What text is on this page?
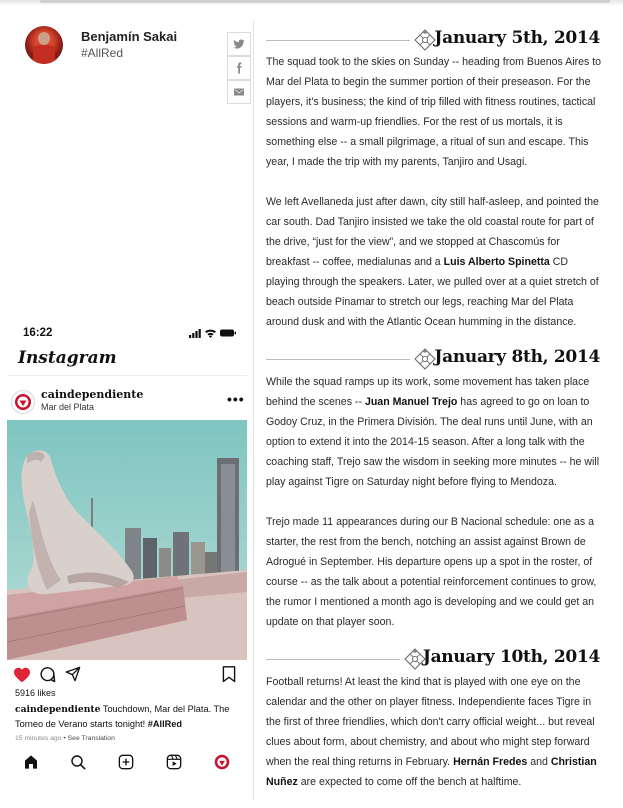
Benjamín Sakai
#AllRed
January 5th, 2014

The squad took to the skies on Sunday -- heading from Buenos Aires to Mar del Plata to begin the summer portion of their preseason. For the players, it's business; the kind of trip filled with fitness routines, tactical sessions and warm-up friendlies. For the rest of us mortals, it is something else -- a small pilgrimage, a ritual of sun and escape. This year, I made the trip with my parents, Tanjiro and Usagi.

We left Avellaneda just after dawn, city still half-asleep, and pointed the car south. Dad Tanjiro insisted we take the old coastal route for part of the drive, “just for the view”, and we stopped at Chascomús for breakfast -- coffee, medialunas and a Luis Alberto Spinetta CD playing through the speakers. Later, we pulled over at a quiet stretch of beach outside Pinamar to stretch our legs, reaching Mar del Plata around dusk and with the Atlantic Ocean humming in the distance.

January 8th, 2014

While the squad ramps up its work, some movement has taken place behind the scenes -- Juan Manuel Trejo has agreed to go on loan to Godoy Cruz, in the Primera División. The deal runs until June, with an option to extend it into the 2014-15 season. After a long talk with the coaching staff, Trejo saw the wisdom in seeking more minutes -- he will play against Tigre on Saturday night before flying to Mendoza.

Trejo made 11 appearances during our B Nacional schedule: one as a starter, the rest from the bench, notching an assist against Brown de Adrogué in September. His departure opens up a spot in the roster, of course -- as the talk about a potential reinforcement continues to grow, the rumor I mentioned a month ago is developing and we could get an update on that player soon.

January 10th, 2014

Football returns! At least the kind that is played with one eye on the calendar and the other on player fitness. Independiente faces Tigre in the first of three friendlies, which don't carry official weight... but reveal clues about form, about chemistry, and about who might step forward when the real thing returns in February. Hernán Fredes and Christian Nuñez are expected to come off the bench at halftime.

16:22
Instagram
caindependiente
Mar del Plata	•••
5916 likes

caindependiente Touchdown, Mar del Plata. The Torneo de Verano starts tonight! #AllRed

15 minutes ago • See Translation
